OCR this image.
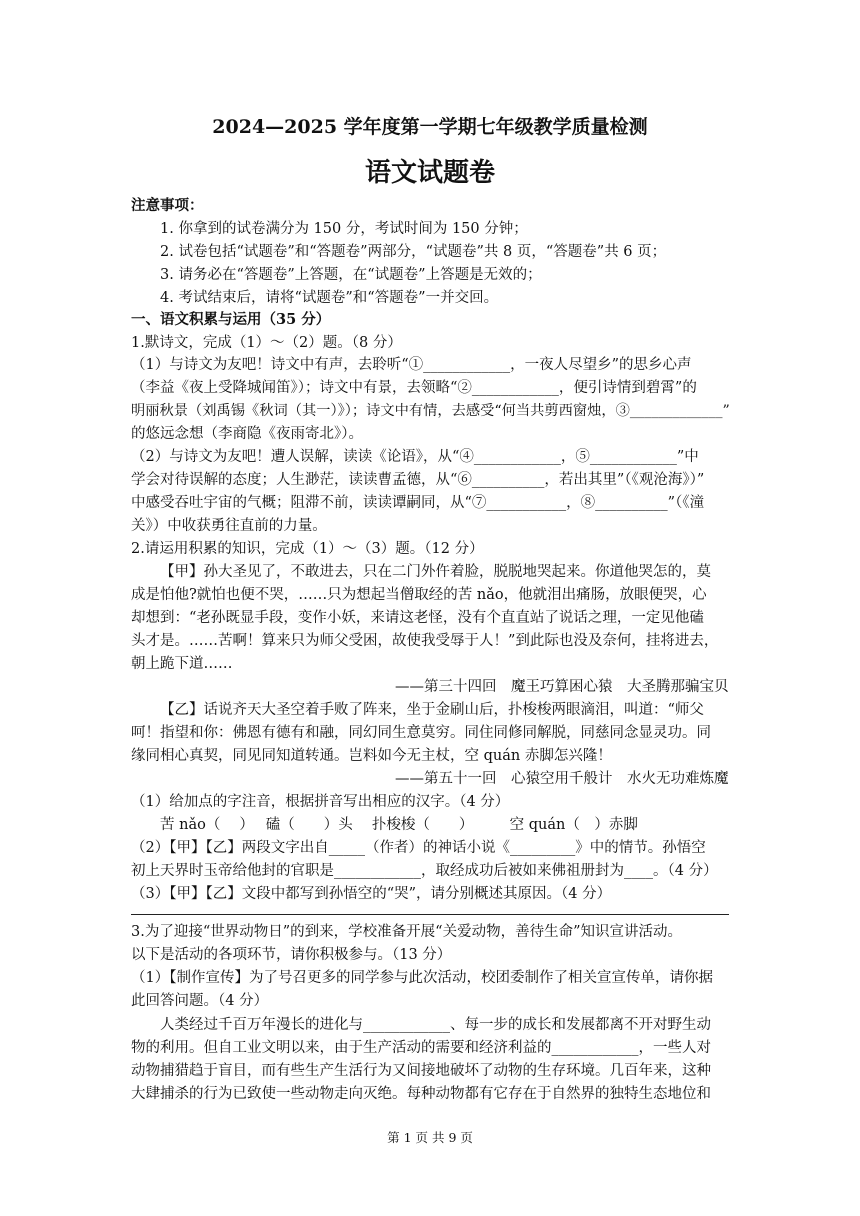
2024—2025 学年度第一学期七年级教学质量检测
语文试题卷
注意事项：
1. 你拿到的试卷满分为 150 分，考试时间为 150 分钟；
2. 试卷包括“试题卷”和“答题卷”两部分，“试题卷”共 8 页，“答题卷”共 6 页；
3. 请务必在“答题卷”上答题，在“试题卷”上答题是无效的；
4. 考试结束后，请将“试题卷”和“答题卷”一并交回。
一、语文积累与运用（35 分）
1.默诗文，完成（1）～（2）题。（8 分）
（1）与诗文为友吧！诗文中有声，去聆听“①____________，一夜人尽望乡”的思乡心声
（李益《夜上受降城闻笛》）；诗文中有景，去领略“②____________，便引诗情到碧霄”的
明丽秋景（刘禹锡《秋词（其一）》）；诗文中有情，去感受“何当共剪西窗烛，③_____________”
的悠远念想（李商隐《夜雨寄北》）。
（2）与诗文为友吧！遭人误解，读读《论语》，从“④____________，⑤____________”中
学会对待误解的态度；人生渺茫，读读曹孟德，从“⑥__________，若出其里”（《观沧海》）”
中感受吞吐宇宙的气概；阻滞不前，读读谭嗣同，从“⑦___________，⑧__________”（《潼
关》）中收获勇往直前的力量。
2.请运用积累的知识，完成（1）～（3）题。（12 分）
【甲】孙大圣见了，不敢进去，只在二门外仵着脸，脱脱地哭起来。你道他哭怎的，莫
成是怕他?就怕也便不哭，……只为想起当僧取经的苦 nǎo，他就泪出痛肠，放眼便哭，心
却想到：“老孙既显手段，变作小妖，来请这老怪，没有个直直站了说话之理，一定见他磕
头才是。……苦啊！算来只为师父受困，故使我受辱于人！”到此际也没及奈何，挂将进去，
朝上跪下道……
——第三十四回　魔王巧算困心猿　大圣腾那骗宝贝
【乙】话说齐天大圣空着手败了阵来，坐于金刷山后，扑梭梭两眼滴泪，叫道：“师父
呵！指望和你：佛恩有德有和融，同幻同生意莫穷。同住同修同解脱，同慈同念显灵功。同
缘同相心真契，同见同知道转通。岂料如今无主杖，空 quán 赤脚怎兴隆！
——第五十一回　心猿空用千般计　水火无功难炼魔
（1）给加点的字注音，根据拼音写出相应的汉字。（4 分）
苦 nǎo（　 ）　 磕（　　）头　 扑梭梭（　　）　　　空 quán（　）赤脚
（2）【甲】【乙】两段文字出自_____（作者）的神话小说《_________》中的情节。孙悟空
初上天界时玉帝给他封的官职是____________，取经成功后被如来佛祖册封为____。（4 分）
（3）【甲】【乙】文段中都写到孙悟空的“哭”，请分别概述其原因。（4 分）
3.为了迎接“世界动物日”的到来，学校准备开展“关爱动物，善待生命”知识宣讲活动。
以下是活动的各项环节，请你积极参与。（13 分）
（1）【制作宣传】为了号召更多的同学参与此次活动，校团委制作了相关宣宣传单，请你据
此回答问题。（4 分）
人类经过千百万年漫长的进化与____________、每一步的成长和发展都离不开对野生动
物的利用。但自工业文明以来，由于生产活动的需要和经济利益的____________，一些人对
动物捕猎趋于盲目，而有些生产生活行为又间接地破坏了动物的生存环境。几百年来，这种
大肆捕杀的行为已致使一些动物走向灭绝。每种动物都有它存在于自然界的独特生态地位和
第 1 页 共 9 页
